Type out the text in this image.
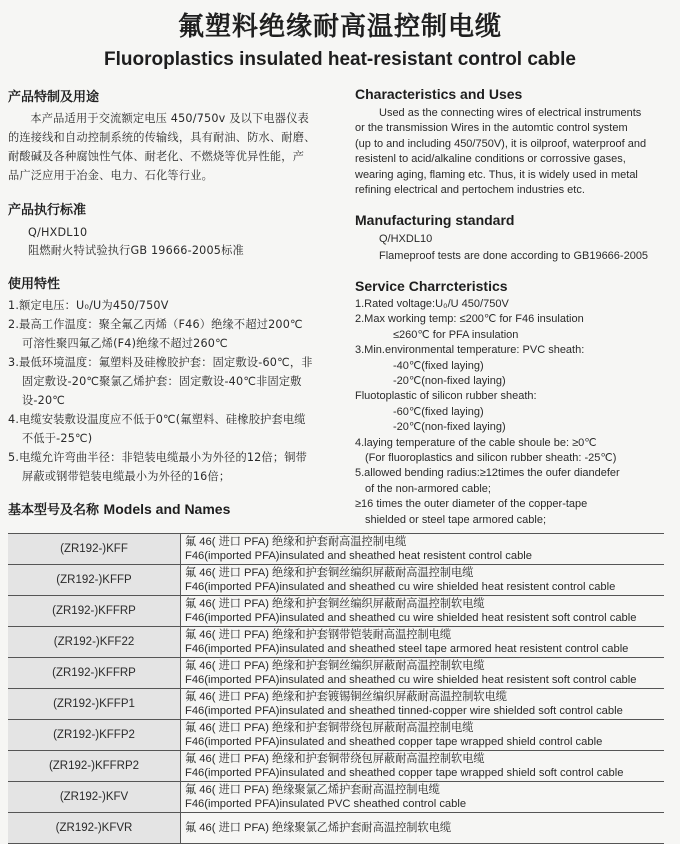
氟塑料绝缘耐高温控制电缆
Fluoroplastics insulated heat-resistant control cable

产品特制及用途

本产品适用于交流额定电压 450/750v 及以下电器仪表

的连接线和自动控制系统的传输线，具有耐油、防水、耐磨、

耐酸碱及各种腐蚀性气体、耐老化、不燃烧等优异性能，产

品广泛应用于冶金、电力、石化等行业。

产品执行标准

Q/HXDL10

阻燃耐火特试验执行GB 19666-2005标准

使用特性

1.额定电压：U₀/U为450/750V

2.最高工作温度：聚全氟乙丙烯（F46）绝缘不超过200℃

可溶性聚四氟乙烯(F4)绝缘不超过260℃

3.最低环境温度：氟塑料及硅橡胶护套：固定敷设-60℃，非

固定敷设-20℃聚氯乙烯护套：固定敷设-40℃非固定敷

设-20℃

4.电缆安装敷设温度应不低于0℃(氟塑料、硅橡胶护套电缆

不低于-25℃)

5.电缆允许弯曲半径：非铠装电缆最小为外径的12倍；铜带

屏蔽或钢带铠装电缆最小为外径的16倍；

Characteristics and Uses

Used as the connecting wires of electrical instruments

or the transmission Wires in the automtic control system

(up to and including 450/750V), it is oilproof, waterproof and

resistenl to acid/alkaline conditions or corrossive gases,

wearing aging, flaming etc. Thus, it is widely used in metal

refining electrical and pertochem industries etc.

Manufacturing standard

Q/HXDL10

Flameproof tests are done according to GB19666-2005

Service Charrcteristics

1.Rated voltage:U₀/U 450/750V

2.Max working temp: ≤200℃ for F46 insulation

≤260℃ for PFA insulation

3.Min.environmental temperature: PVC sheath:

-40℃(fixed laying)

-20℃(non-fixed laying)

Fluotoplastic of silicon rubber sheath:

-60℃(fixed laying)

-20℃(non-fixed laying)

4.laying temperature of the cable shoule be: ≥0℃

(For fluoroplastics and silicon rubber sheath: -25℃)

5.allowed bending radius:≥12times the oufer diandefer

of the non-armored cable;

≥16 times the outer diameter of the copper-tape

shielded or steel tape armored cable;

基本型号及名称 Models and Names
(ZR192-)KFF	氟 46( 进口 PFA) 绝缘和护套耐高温控制电缆
F46(imported PFA)insulated and sheathed heat resistent control cable

(ZR192-)KFFP	氟 46( 进口 PFA) 绝缘和护套铜丝编织屏蔽耐高温控制电缆
F46(imported PFA)insulated and sheathed cu wire shielded heat resistent control cable

(ZR192-)KFFRP	氟 46( 进口 PFA) 绝缘和护套铜丝编织屏蔽耐高温控制软电缆
F46(imported PFA)insulated and sheathed cu wire shielded heat resistent soft control cable

(ZR192-)KFF22	氟 46( 进口 PFA) 绝缘和护套钢带铠装耐高温控制电缆
F46(imported PFA)insulated and sheathed steel tape armored heat resistent control cable

(ZR192-)KFFRP	氟 46( 进口 PFA) 绝缘和护套铜丝编织屏蔽耐高温控制软电缆
F46(imported PFA)insulated and sheathed cu wire shielded heat resistent soft control cable

(ZR192-)KFFP1	氟 46( 进口 PFA) 绝缘和护套镀锡铜丝编织屏蔽耐高温控制软电缆
F46(imported PFA)insulated and sheathed tinned-copper wire shielded soft control cable

(ZR192-)KFFP2	氟 46( 进口 PFA) 绝缘和护套铜带绕包屏蔽耐高温控制电缆
F46(imported PFA)insulated and sheathed copper tape wrapped shield control cable

(ZR192-)KFFRP2	氟 46( 进口 PFA) 绝缘和护套铜带绕包屏蔽耐高温控制软电缆
F46(imported PFA)insulated and sheathed copper tape wrapped shield soft control cable

(ZR192-)KFV	氟 46( 进口 PFA) 绝缘聚氯乙烯护套耐高温控制电缆
F46(imported PFA)insulated PVC sheathed control cable

(ZR192-)KFVR	氟 46( 进口 PFA) 绝缘聚氯乙烯护套耐高温控制软电缆
